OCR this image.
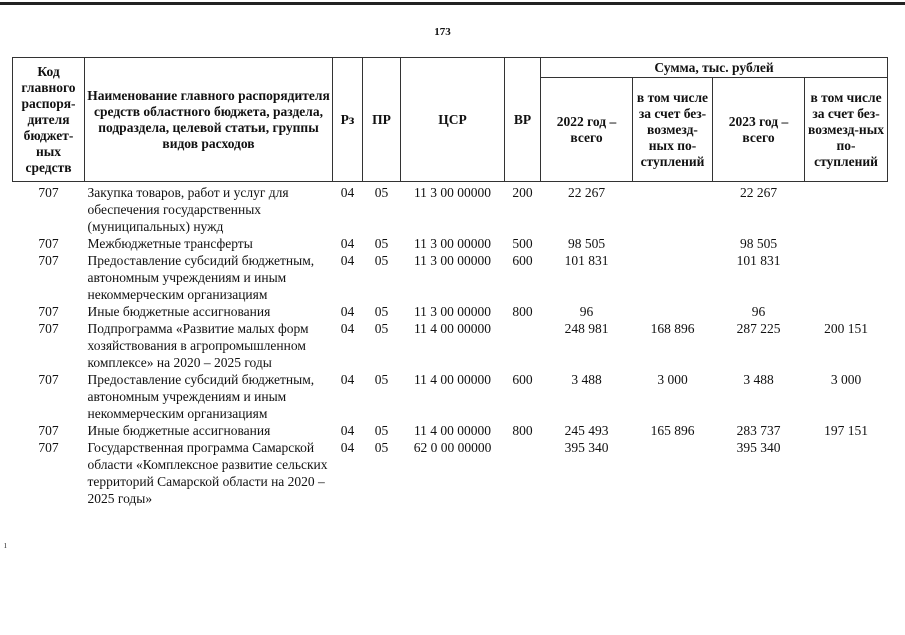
173
Код главного распоря-дителя бюджет-ных средств	Наименование главного распорядителя средств областного бюджета, раздела, подраздела, целевой статьи, группы видов расходов	Рз	ПР	ЦСР	ВР	Сумма, тыс. рублей			
						2022 год – всего	в том числе за счет без-возмезд-ных по-ступлений	2023 год – всего	в том числе за счет без-возмезд-ных по-ступлений
707	Закупка товаров, работ и услуг для обеспечения государственных (муниципальных) нужд	04	05	11 3 00 00000	200	22 267		22 267	
707	Межбюджетные трансферты	04	05	11 3 00 00000	500	98 505		98 505	
707	Предоставление субсидий бюджетным, автономным учреждениям и иным некоммерческим организациям	04	05	11 3 00 00000	600	101 831		101 831	
707	Иные бюджетные ассигнования	04	05	11 3 00 00000	800	96		96	
707	Подпрограмма «Развитие малых форм хозяйствования в агропромышленном комплексе» на 2020 – 2025 годы	04	05	11 4 00 00000		248 981	168 896	287 225	200 151
707	Предоставление субсидий бюджетным, автономным учреждениям и иным некоммерческим организациям	04	05	11 4 00 00000	600	3 488	3 000	3 488	3 000
707	Иные бюджетные ассигнования	04	05	11 4 00 00000	800	245 493	165 896	283 737	197 151
707	Государственная программа Самарской области «Комплексное развитие сельских территорий Самарской области на 2020 – 2025 годы»	04	05	62 0 00 00000		395 340		395 340	
ı
